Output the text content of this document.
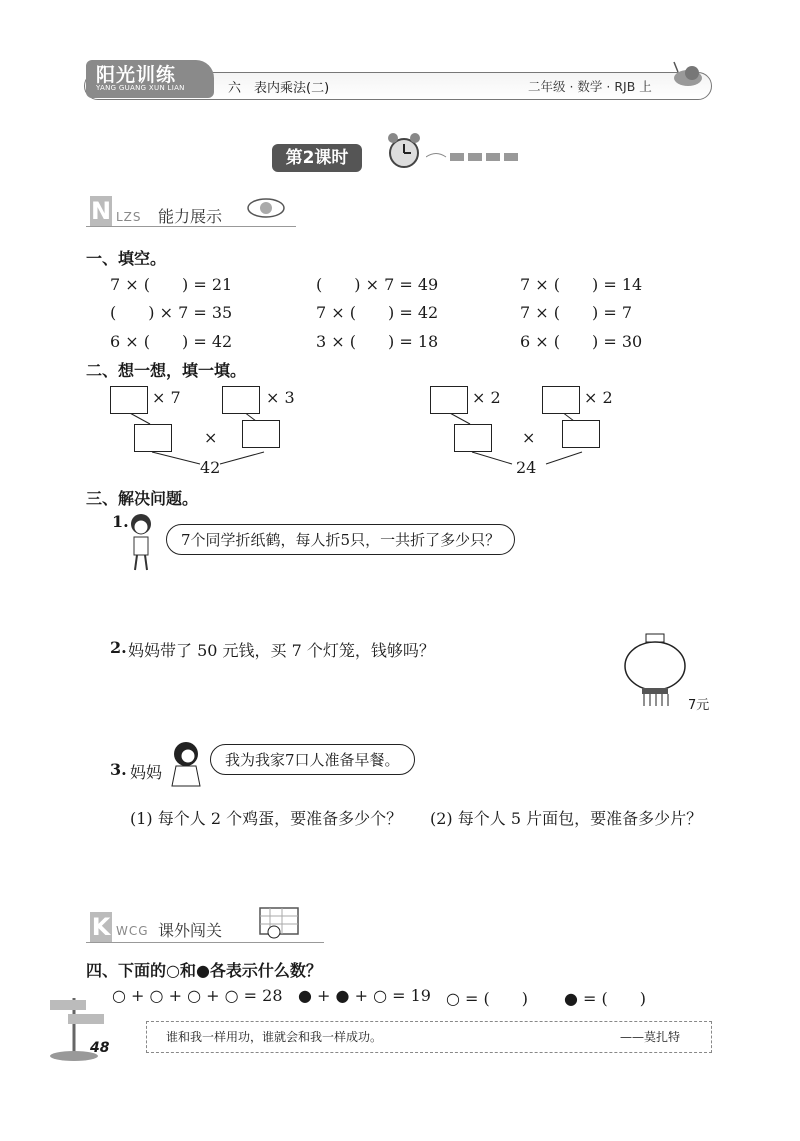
阳光训练
YANG GUANG XUN LIAN	六　表内乘法(二)	二年级 · 数学 · RJB 上
第2课时
N LZS 能力展示
一、填空。
7 × (　　) = 21	(　　) × 7 = 49	7 × (　　) = 14
(　　) × 7 = 35	7 × (　　) = 42	7 × (　　) = 7
6 × (　　) = 42	3 × (　　) = 18	6 × (　　) = 30
二、想一想，填一填。
× 7	× 3
×
42
× 2	× 2
×
24
三、解决问题。
1.
7个同学折纸鹤，每人折5只，一共折了多少只？
2. 妈妈带了 50 元钱，买 7 个灯笼，钱够吗？
7元
3. 妈妈
我为我家7口人准备早餐。
(1) 每个人 2 个鸡蛋，要准备多少个？ (2) 每个人 5 片面包，要准备多少片？
K WCG 课外闯关
四、下面的○和●各表示什么数？
○ + ○ + ○ + ○ = 28 ● + ● + ○ = 19 ○ = (　　) ● = (　　)
48
谁和我一样用功，谁就会和我一样成功。	——莫扎特
